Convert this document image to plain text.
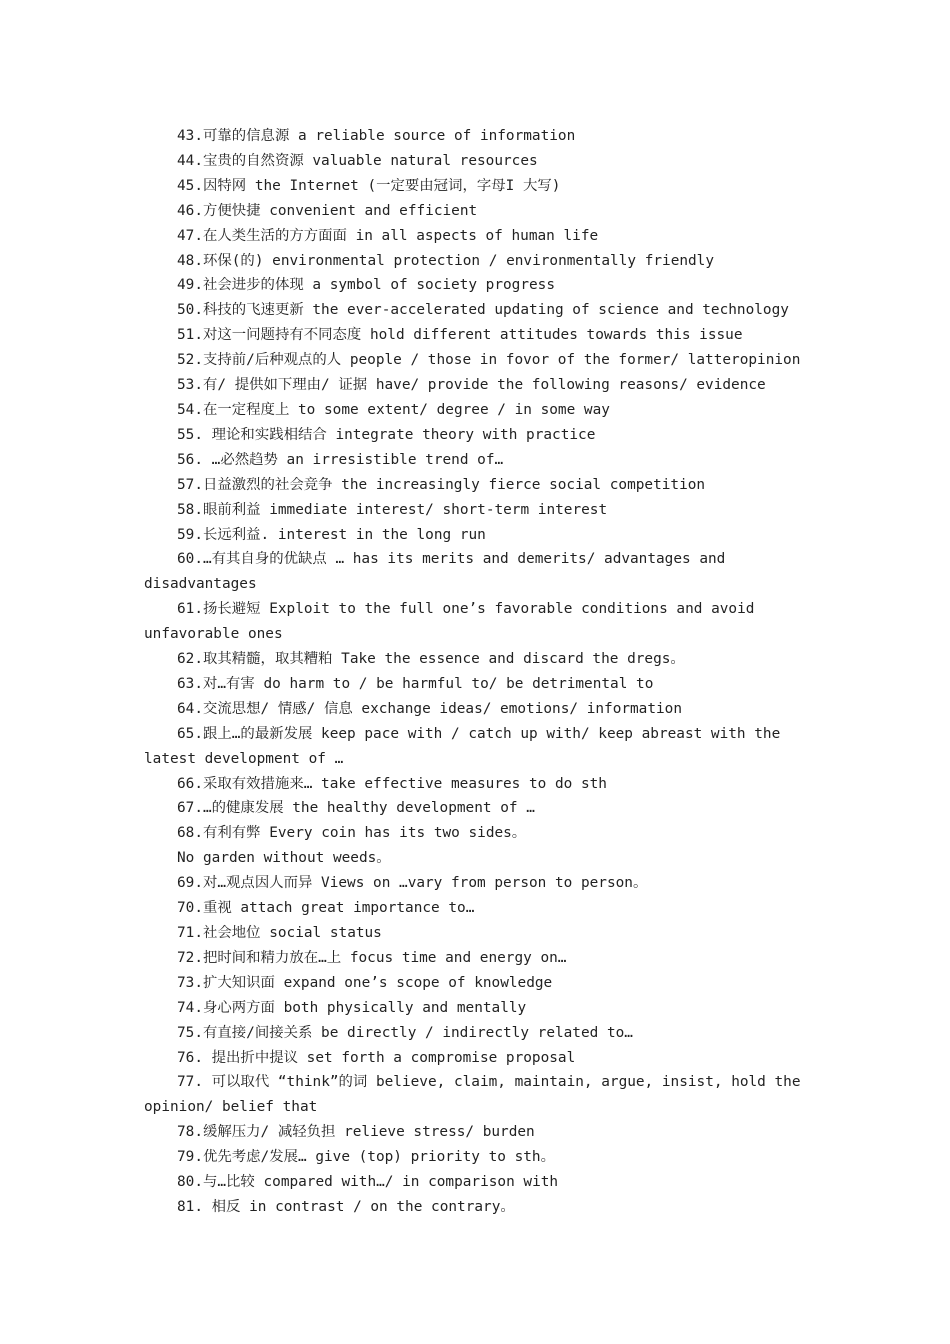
43.可靠的信息源 a reliable source of information

44.宝贵的自然资源 valuable natural resources

45.因特网 the Internet (一定要由冠词，字母I 大写)

46.方便快捷 convenient and efficient

47.在人类生活的方方面面 in all aspects of human life

48.环保(的) environmental protection / environmentally friendly

49.社会进步的体现 a symbol of society progress

50.科技的飞速更新 the ever-accelerated updating of science and technology

51.对这一问题持有不同态度 hold different attitudes towards this issue

52.支持前/后种观点的人 people / those in fovor of the former/ latteropinion

53.有/ 提供如下理由/ 证据 have/ provide the following reasons/ evidence

54.在一定程度上 to some extent/ degree / in some way

55. 理论和实践相结合 integrate theory with practice

56. …必然趋势 an irresistible trend of…

57.日益激烈的社会竞争 the increasingly fierce social competition

58.眼前利益 immediate interest/ short-term interest

59.长远利益. interest in the long run

60.…有其自身的优缺点 … has its merits and demerits/ advantages and disadvantages

61.扬长避短 Exploit to the full one’s favorable conditions and avoid unfavorable ones

62.取其精髓，取其糟粕 Take the essence and discard the dregs。

63.对…有害 do harm to / be harmful to/ be detrimental to

64.交流思想/ 情感/ 信息 exchange ideas/ emotions/ information

65.跟上…的最新发展 keep pace with / catch up with/ keep abreast with the latest development of …

66.采取有效措施来… take effective measures to do sth

67.…的健康发展 the healthy development of …

68.有利有弊 Every coin has its two sides。

No garden without weeds。

69.对…观点因人而异 Views on …vary from person to person。

70.重视 attach great importance to…

71.社会地位 social status

72.把时间和精力放在…上 focus time and energy on…

73.扩大知识面 expand one’s scope of knowledge

74.身心两方面 both physically and mentally

75.有直接/间接关系 be directly / indirectly related to…

76. 提出折中提议 set forth a compromise proposal

77. 可以取代 “think”的词 believe, claim, maintain, argue, insist, hold the opinion/ belief that

78.缓解压力/ 减轻负担 relieve stress/ burden

79.优先考虑/发展… give (top) priority to sth。

80.与…比较 compared with…/ in comparison with

81. 相反 in contrast / on the contrary。
